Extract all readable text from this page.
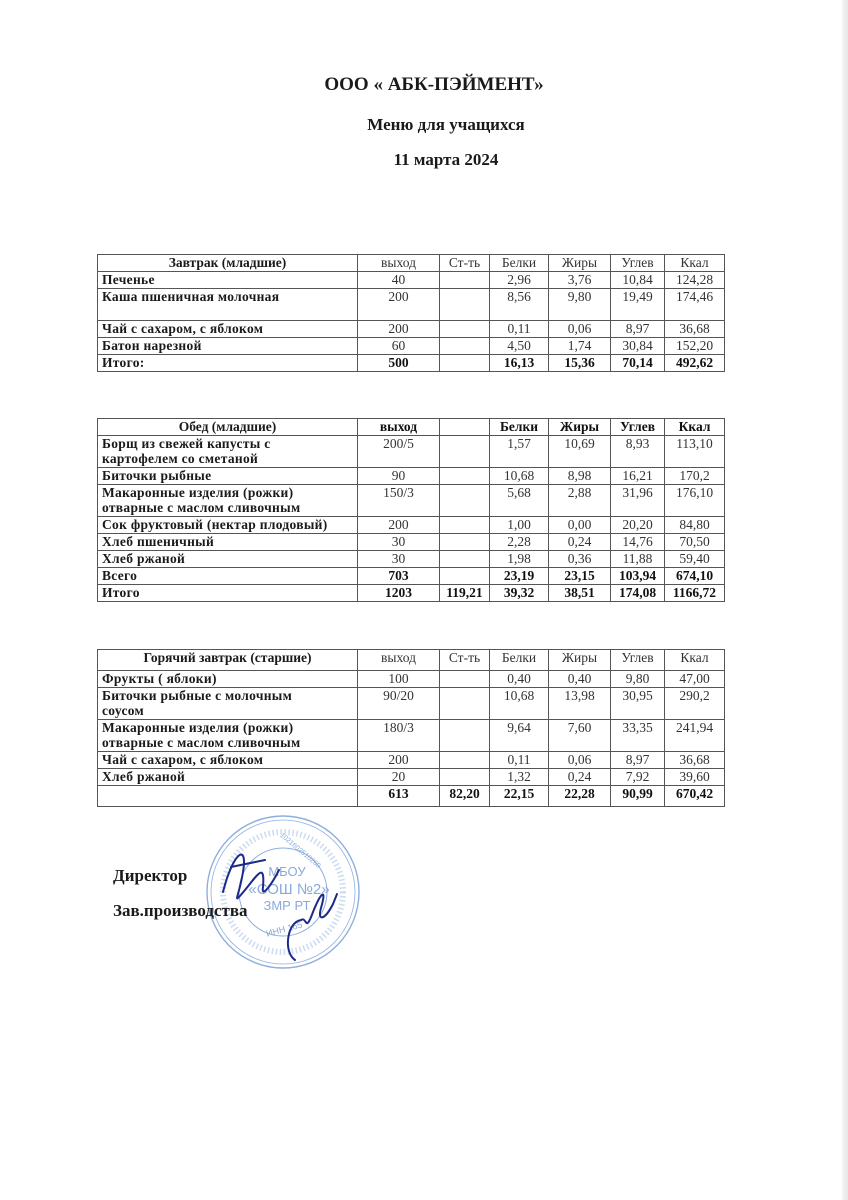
ООО « АБК-ПЭЙМЕНТ»
Меню для учащихся
11 марта 2024
Завтрак (младшие)	выход	Ст-ть	Белки	Жиры	Углев	Ккал
Печенье	40		2,96	3,76	10,84	124,28
Каша пшеничная молочная	200		8,56	9,80	19,49	174,46
Чай с сахаром, с яблоком	200		0,11	0,06	8,97	36,68
Батон нарезной	60		4,50	1,74	30,84	152,20
Итого:	500		16,13	15,36	70,14	492,62
Обед (младшие)	выход		Белки	Жиры	Углев	Ккал

Борщ из свежей капусты с
картофелем со сметаной	200/5		1,57	10,69	8,93	113,10
Биточки рыбные	90		10,68	8,98	16,21	170,2

Макаронные изделия (рожки)
отварные с маслом сливочным	150/3		5,68	2,88	31,96	176,10
Сок фруктовый (нектар плодовый)	200		1,00	0,00	20,20	84,80
Хлеб пшеничный	30		2,28	0,24	14,76	70,50
Хлеб ржаной	30		1,98	0,36	11,88	59,40
Всего	703		23,19	23,15	103,94	674,10
Итого	1203	119,21	39,32	38,51	174,08	1166,72
Горячий завтрак (старшие)	выход	Ст-ть	Белки	Жиры	Углев	Ккал
Фрукты ( яблоки)	100		0,40	0,40	9,80	47,00

Биточки рыбные с молочным
соусом	90/20		10,68	13,98	30,95	290,2

Макаронные изделия (рожки)
отварные с маслом сливочным	180/3		9,64	7,60	33,35	241,94
Чай с сахаром, с яблоком	200		0,11	0,06	8,97	36,68
Хлеб ржаной	20		1,32	0,24	7,92	39,60
	613	82,20	22,15	22,28	90,99	670,42
МБОУ
«СОШ №2»
ЗМР РТ
ИНН 165
1021602510260
Директор
Зав.производства
